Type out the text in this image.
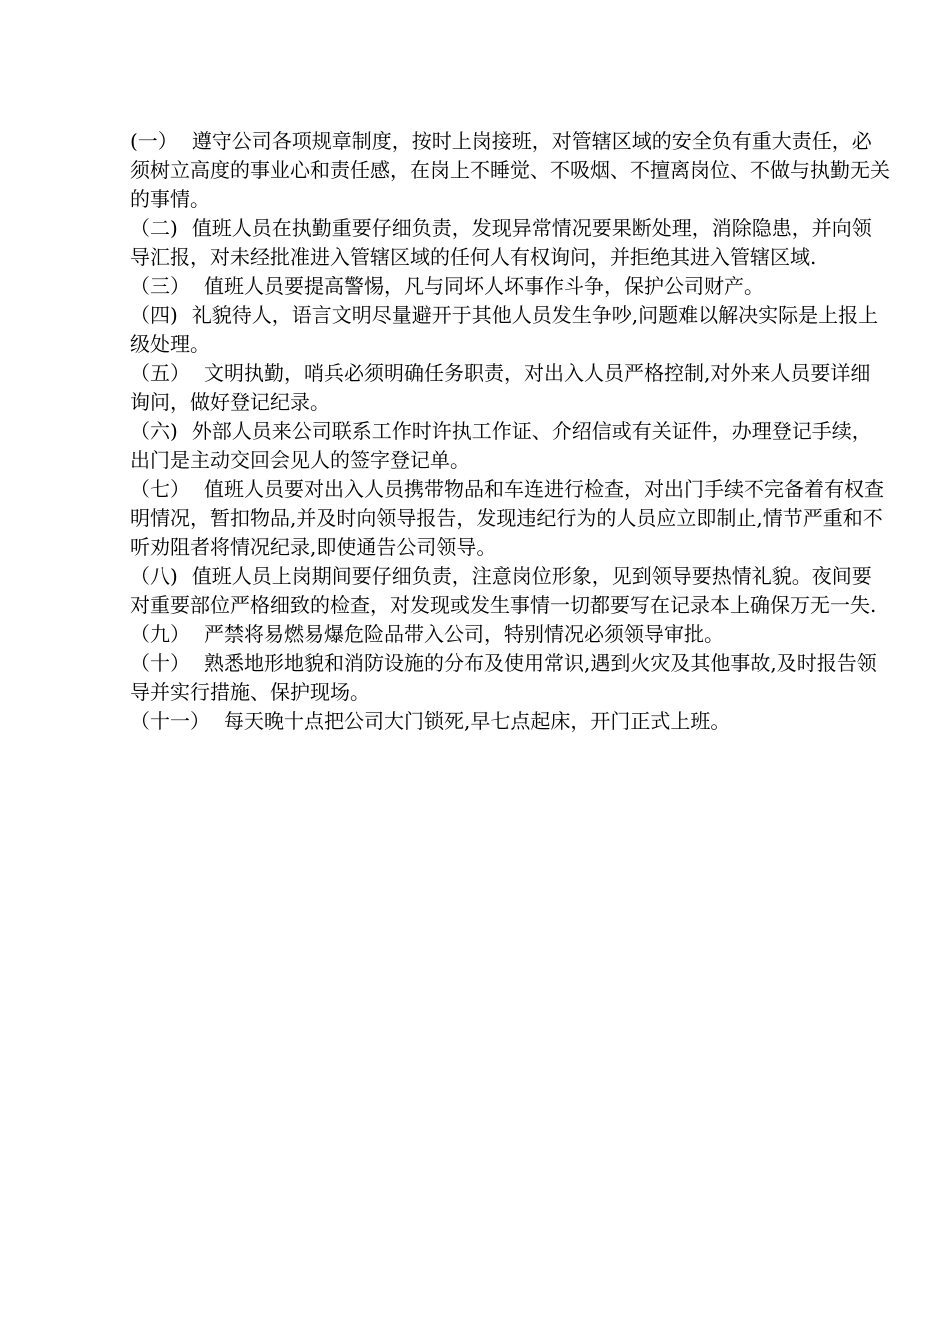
(一） 遵守公司各项规章制度，按时上岗接班，对管辖区域的安全负有重大责任，必须树立高度的事业心和责任感，在岗上不睡觉、不吸烟、不擅离岗位、不做与执勤无关的事情。

（二) 值班人员在执勤重要仔细负责，发现异常情况要果断处理，消除隐患，并向领导汇报，对未经批准进入管辖区域的任何人有权询问，并拒绝其进入管辖区域.

（三） 值班人员要提高警惕，凡与同坏人坏事作斗争，保护公司财产。

（四) 礼貌待人，语言文明尽量避开于其他人员发生争吵,问题难以解决实际是上报上级处理。

（五） 文明执勤，哨兵必须明确任务职责，对出入人员严格控制,对外来人员要详细询问，做好登记纪录。

（六) 外部人员来公司联系工作时许执工作证、介绍信或有关证件，办理登记手续，出门是主动交回会见人的签字登记单。

（七） 值班人员要对出入人员携带物品和车连进行检查，对出门手续不完备着有权查明情况，暂扣物品,并及时向领导报告，发现违纪行为的人员应立即制止,情节严重和不听劝阻者将情况纪录,即使通告公司领导。

（八) 值班人员上岗期间要仔细负责，注意岗位形象，见到领导要热情礼貌。夜间要对重要部位严格细致的检查，对发现或发生事情一切都要写在记录本上确保万无一失.

（九） 严禁将易燃易爆危险品带入公司，特别情况必须领导审批。

（十） 熟悉地形地貌和消防设施的分布及使用常识,遇到火灾及其他事故,及时报告领导并实行措施、保护现场。

（十一） 每天晚十点把公司大门锁死,早七点起床，开门正式上班。
